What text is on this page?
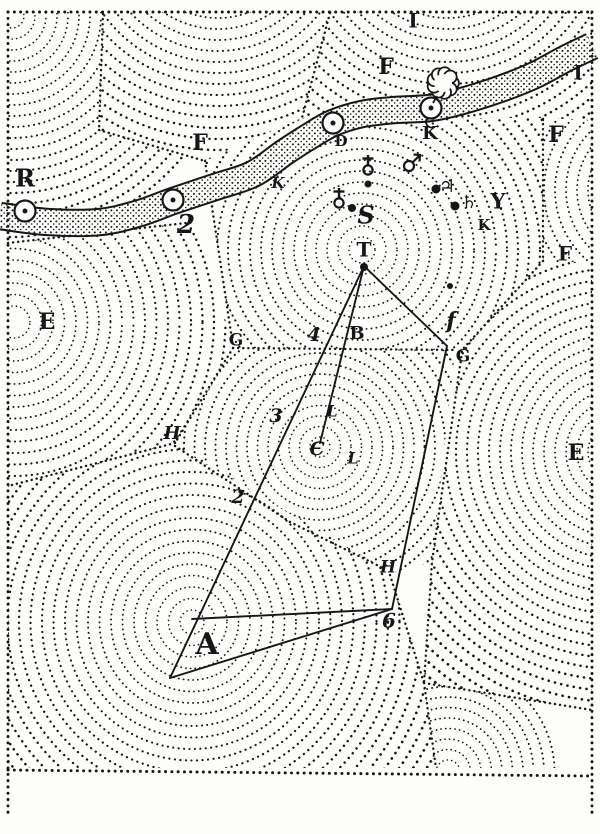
♃
♄
I
F	I
F	D	K	F
R	K
2	S	Y
K
F
T
E
G	4 B	f
G
H
3	L
Є L	E
2
H
A
6
